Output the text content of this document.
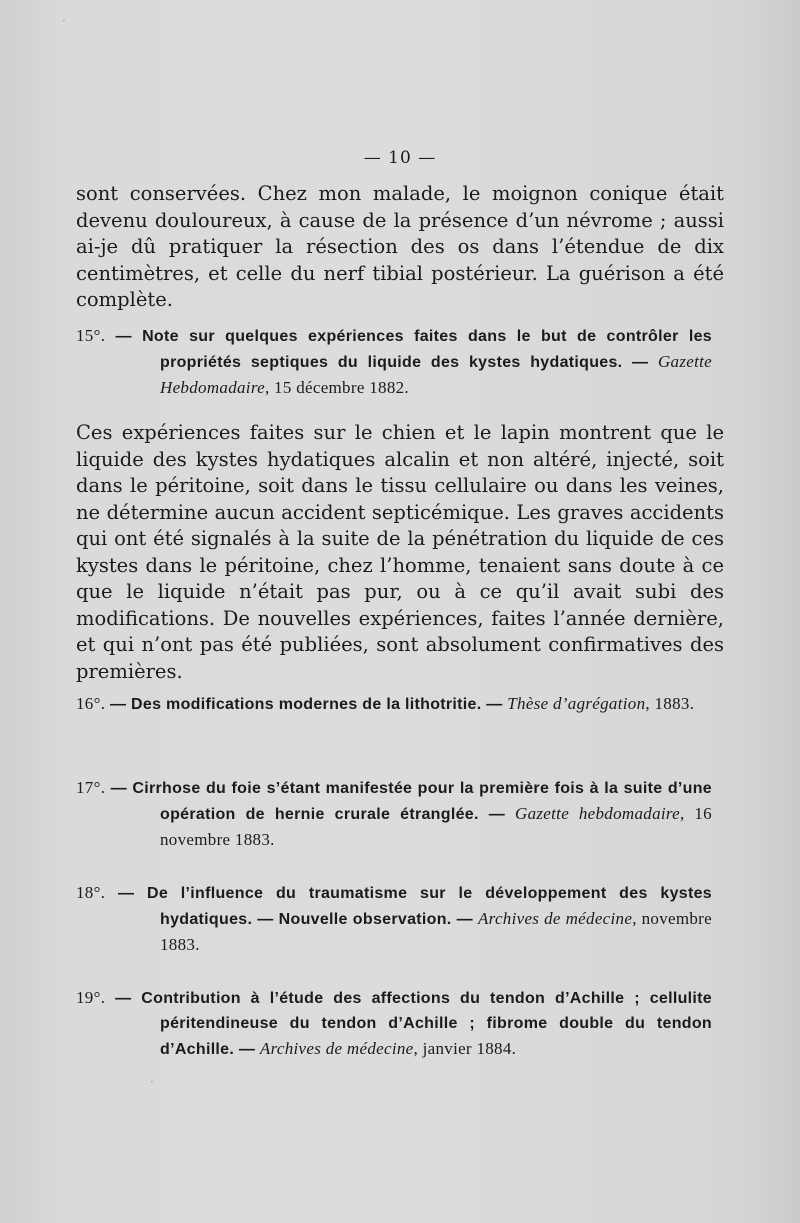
·
— 10 —
sont conservées. Chez mon malade, le moignon conique était devenu douloureux, à cause de la présence d’un névrome ; aussi ai-je dû pratiquer la résection des os dans l’étendue de dix centimètres, et celle du nerf tibial postérieur. La guérison a été complète.
15°. — Note sur quelques expériences faites dans le but de contrôler les propriétés septiques du liquide des kystes hydatiques. — Gazette Hebdomadaire, 15 décembre 1882.
Ces expériences faites sur le chien et le lapin montrent que le liquide des kystes hydatiques alcalin et non altéré, injecté, soit dans le péritoine, soit dans le tissu cellulaire ou dans les veines, ne détermine aucun accident septicémique. Les graves accidents qui ont été signalés à la suite de la pénétration du liquide de ces kystes dans le péritoine, chez l’homme, tenaient sans doute à ce que le liquide n’était pas pur, ou à ce qu’il avait subi des modifications. De nouvelles expériences, faites l’année dernière, et qui n’ont pas été publiées, sont absolument confirmatives des premières.
16°. — Des modifications modernes de la lithotritie. — Thèse d’agrégation, 1883.
17°. — Cirrhose du foie s’étant manifestée pour la première fois à la suite d’une opération de hernie crurale étranglée. — Gazette hebdomadaire, 16 novembre 1883.
18°. — De l’influence du traumatisme sur le développement des kystes hydatiques. — Nouvelle observation. — Archives de médecine, novembre 1883.
19°. — Contribution à l’étude des affections du tendon d’Achille ; cellulite péritendineuse du tendon d’Achille ; fibrome double du tendon d’Achille. — Archives de médecine, janvier 1884.
·
